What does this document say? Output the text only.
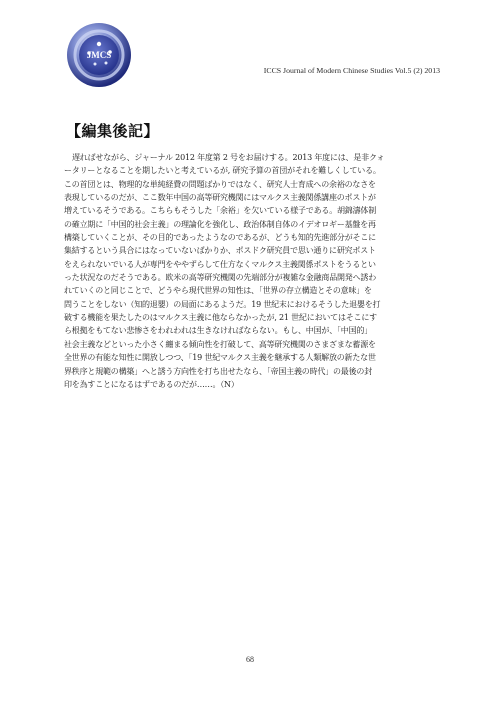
JMCS
ICCS Journal of Modern Chinese Studies Vol.5 (2) 2013
【編集後記】
遅ればせながら、ジャーナル 2012 年度第 2 号をお届けする。2013 年度には、是非クォ
ータリーとなることを期したいと考えているが, 研究予算の首団がそれを難しくしている。
この首団とは、物理的な単純経費の問題ばかりではなく、研究人士育成への余裕のなさを
表現しているのだが、ここ数年中国の高等研究機関にはマルクス主義関係講座のポストが
増えているそうである。こちらもそうした「余裕」を欠いている様子である。胡錦濤体制
の確立期に「中国的社会主義」の理論化を強化し、政治体制自体のイデオロギー基盤を再
構築していくことが、その目的であったようなのであるが、どうも知的先進部分がそこに
集結するという具合にはなっていないばかりか、ポスドク研究員で思い通りに研究ポスト
をえられないでいる人が専門をややずらして仕方なくマルクス主義関係ポストをうるとい
った状況なのだそうである。欧米の高等研究機関の先端部分が複雑な金融商品開発へ誘わ
れていくのと同じことで、どうやら現代世界の知性は、「世界の存立構造とその意味」を
問うことをしない（知的退嬰）の局面にあるようだ。19 世紀末におけるそうした退嬰を打
破する機能を果たしたのはマルクス主義に他ならなかったが, 21 世紀においてはそこにす
ら根拠をもてない悲惨さをわれわれは生きなければならない。もし、中国が、「中国的」
社会主義などといった小さく纏まる傾向性を打破して、高等研究機関のさまざまな蓄源を
全世界の有能な知性に開放しつつ、「19 世紀マルクス主義を継承する人類解放の新たな世
界秩序と規範の構築」へと誘う方向性を打ち出せたなら、「帝国主義の時代」の最後の封
印を為すことになるはずであるのだが……。（N）
68
